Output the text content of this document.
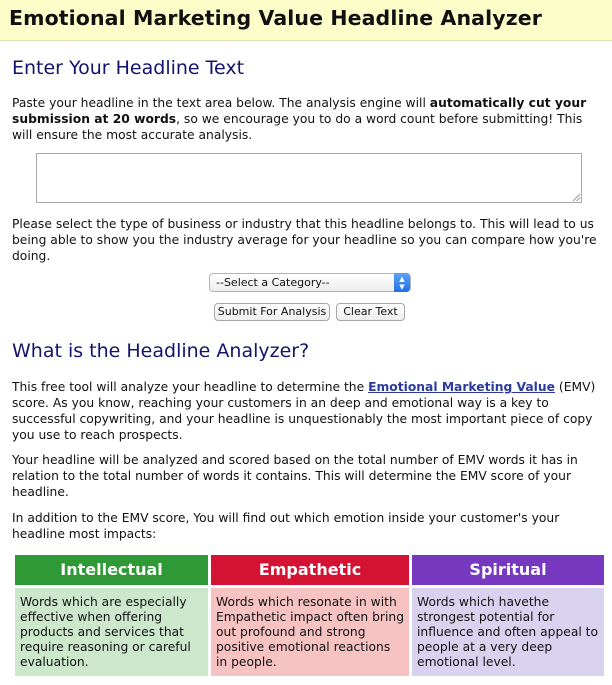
Emotional Marketing Value Headline Analyzer
Enter Your Headline Text

Paste your headline in the text area below. The analysis engine will automatically cut your submission at 20 words, so we encourage you to do a word count before submitting! This will ensure the most accurate analysis.

Please select the type of business or industry that this headline belongs to. This will lead to us being able to show you the industry average for your headline so you can compare how you're doing.

--Select a Category--	▲
▼
Submit For Analysis	Clear Text
What is the Headline Analyzer?

This free tool will analyze your headline to determine the Emotional Marketing Value (EMV) score. As you know, reaching your customers in an deep and emotional way is a key to successful copywriting, and your headline is unquestionably the most important piece of copy you use to reach prospects.

Your headline will be analyzed and scored based on the total number of EMV words it has in relation to the total number of words it contains. This will determine the EMV score of your headline.

In addition to the EMV score, You will find out which emotion inside your customer's your headline most impacts:

Intellectual	Empathetic	Spiritual
Words which are especially effective when offering products and services that require reasoning or careful evaluation.
Words which resonate in with Empathetic impact often bring out profound and strong positive emotional reactions in people.
Words which havethe strongest potential for influence and often appeal to people at a very deep emotional level.
